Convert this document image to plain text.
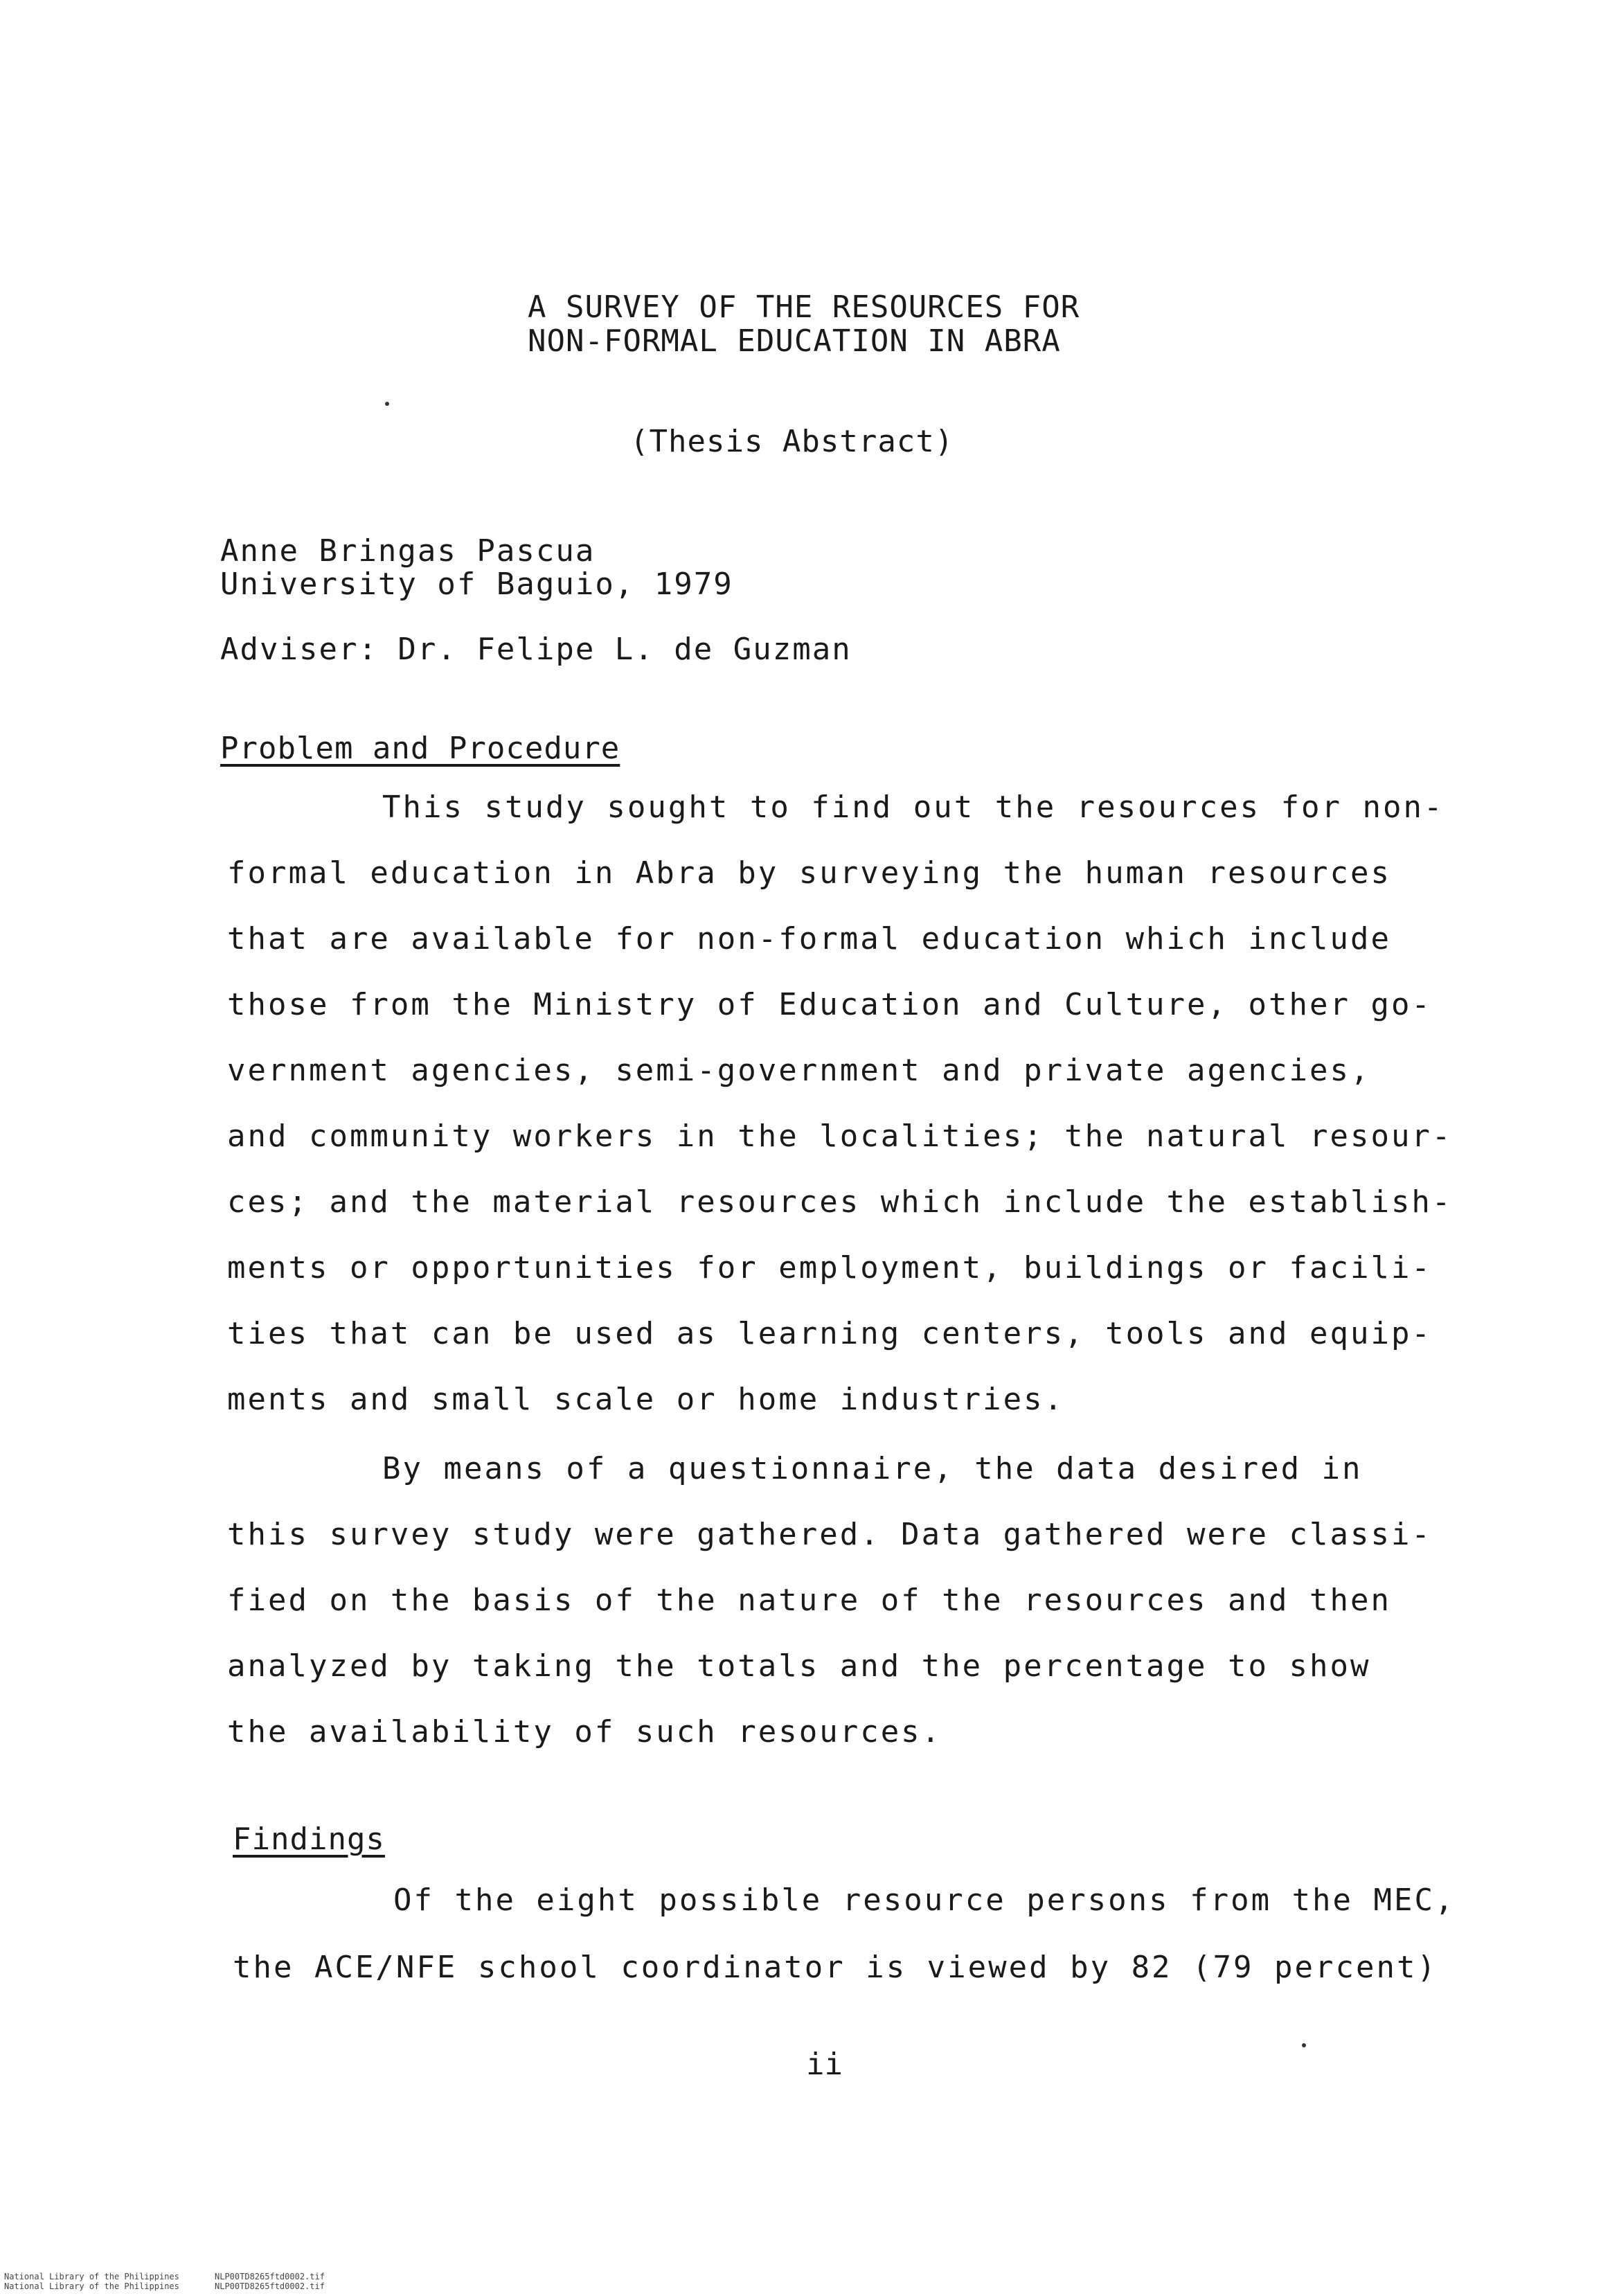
A SURVEY OF THE RESOURCES FOR
NON-FORMAL EDUCATION IN ABRA
(Thesis Abstract)
Anne Bringas Pascua
University of Baguio, 1979
Adviser: Dr. Felipe L. de Guzman
Problem and Procedure
This study sought to find out the resources for non-
formal education in Abra by surveying the human resources
that are available for non-formal education which include
those from the Ministry of Education and Culture, other go-
vernment agencies, semi-government and private agencies,
and community workers in the localities; the natural resour-
ces; and the material resources which include the establish-
ments or opportunities for employment, buildings or facili-
ties that can be used as learning centers, tools and equip-
ments and small scale or home industries.
By means of a questionnaire, the data desired in
this survey study were gathered. Data gathered were classi-
fied on the basis of the nature of the resources and then
analyzed by taking the totals and the percentage to show
the availability of such resources.
Findings
Of the eight possible resource persons from the MEC,
the ACE/NFE school coordinator is viewed by 82 (79 percent)
ii
National Library of the Philippines
National Library of the Philippines
NLP00TD8265ftd0002.tif
NLP00TD8265ftd0002.tif
